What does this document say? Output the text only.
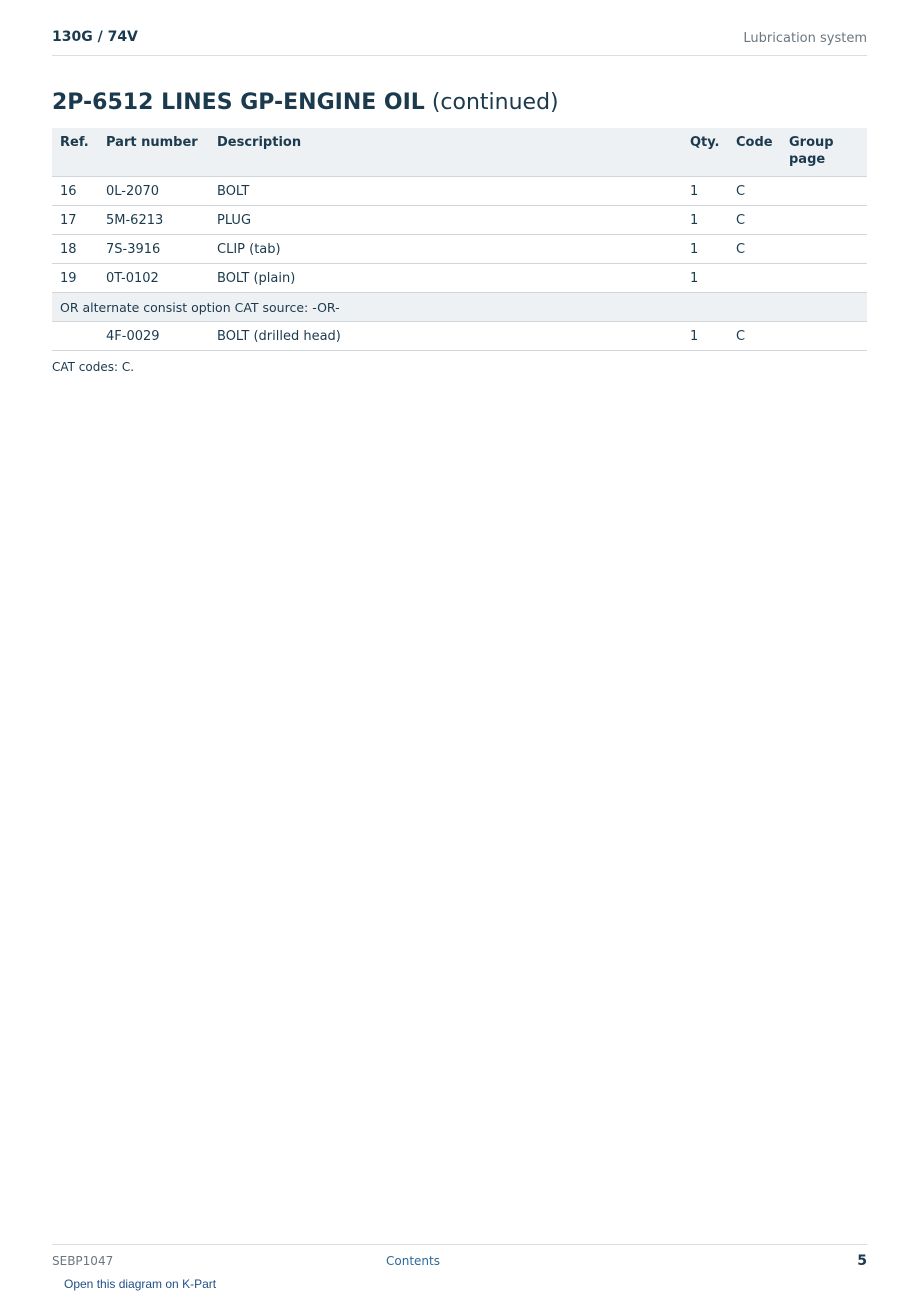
130G / 74V	Lubrication system
2P-6512 LINES GP-ENGINE OIL (continued)
Ref.	Part number	Description	Qty.	Code	Group page
16	0L-2070	BOLT	1	C	
17	5M-6213	PLUG	1	C	
18	7S-3916	CLIP (tab)	1	C	
19	0T-0102	BOLT (plain)	1		
OR alternate consist option CAT source: -OR-					
	4F-0029	BOLT (drilled head)	1	C	
CAT codes: C.
SEBP1047	Contents	5
Open this diagram on K-Part
